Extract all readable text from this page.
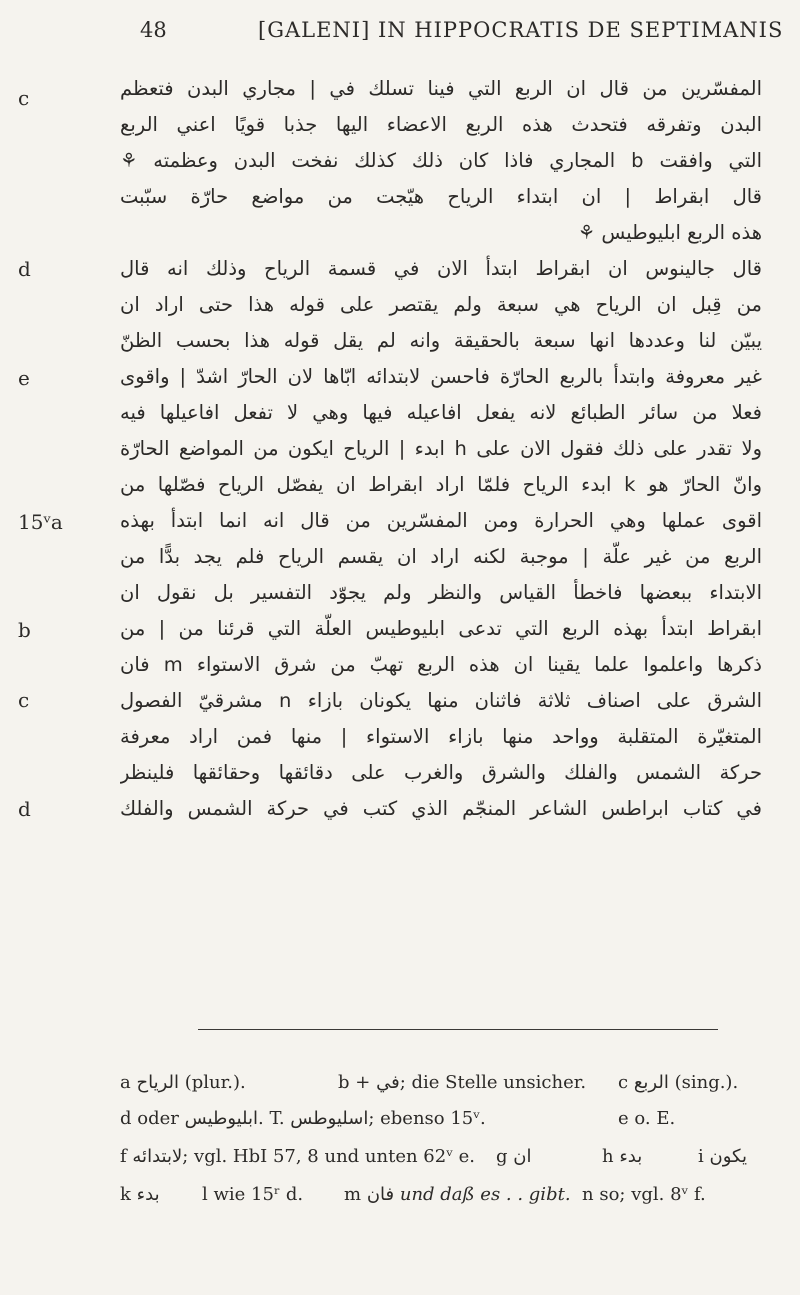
48	[GALENI] IN HIPPOCRATIS DE SEPTIMANIS
c
d
e
15ᵛa
b
c
d
المفسّرين من قال ان الربع التي فينا تسلك في | مجاري البدن فتعظم
البدن وتفرقه فتحدث هذه الربع الاعضاء اليها جذبا قويًا اعني الربع
التي وافقت b المجاري فاذا كان ذلك كذلك نفخت البدن وعظمته ⚘
قال ابقراط | ان ابتداء الرياح هيّجت من مواضع حارّة سبّبت
هذه الربع ابليوطيس ⚘
قال جالينوس ان ابقراط ابتدأ الان في قسمة الرياح وذلك انه قال
من قِبل ان الرياح هي سبعة ولم يقتصر على قوله هذا حتى اراد ان
يبيّن لنا وعددها انها سبعة بالحقيقة وانه لم يقل قوله هذا بحسب الظنّ
غير معروفة وابتدأ بالربع الحارّة فاحسن لابتدائه ابّاها لان الحارّ اشدّ | واقوى
فعلا من سائر الطبائع لانه يفعل افاعيله فيها وهي لا تفعل افاعيلها فيه
ولا تقدر على ذلك فقول الان على h ابدء | الرياح ايكون من المواضع الحارّة
وانّ الحارّ هو k ابدء الرياح فلمّا اراد ابقراط ان يفصّل الرياح فصّلها من
اقوى عملها وهي الحرارة ومن المفسّرين من قال انه انما ابتدأ بهذه
الربع من غير علّة | موجبة لكنه اراد ان يقسم الرياح فلم يجد بدًّا من
الابتداء ببعضها فاخطأ القياس والنظر ولم يجوّد التفسير بل نقول ان
ابقراط ابتدأ بهذه الربع التي تدعى ابليوطيس العلّة التي قرئنا من | من
ذكرها واعلموا علما يقينا ان هذه الربع تهبّ من شرق الاستواء m فان
الشرق على اصناف ثلاثة فاثنان منها يكونان بازاء n مشرقيّ الفصول
المتغيّرة المتقلبة وواحد منها بازاء الاستواء | منها فمن اراد معرفة
حركة الشمس والفلك والشرق والغرب على دقائقها وحقائقها فلينظر
في كتاب ابراطس الشاعر المنجّم الذي كتب في حركة الشمس والفلك
a الرياح (plur.).	b + في; die Stelle unsicher. c الربع (sing.).
d oder ابليوطيس. T. اسليوطس; ebenso 15ᵛ.	e o. E.
f لابتدائه; vgl. HbI 57, 8 und unten 62ᵛ e. g ان	h بدء	i يكون
k بدء l wie 15ʳ d. m فان und daß es . . gibt. n so; vgl. 8ᵛ f.
